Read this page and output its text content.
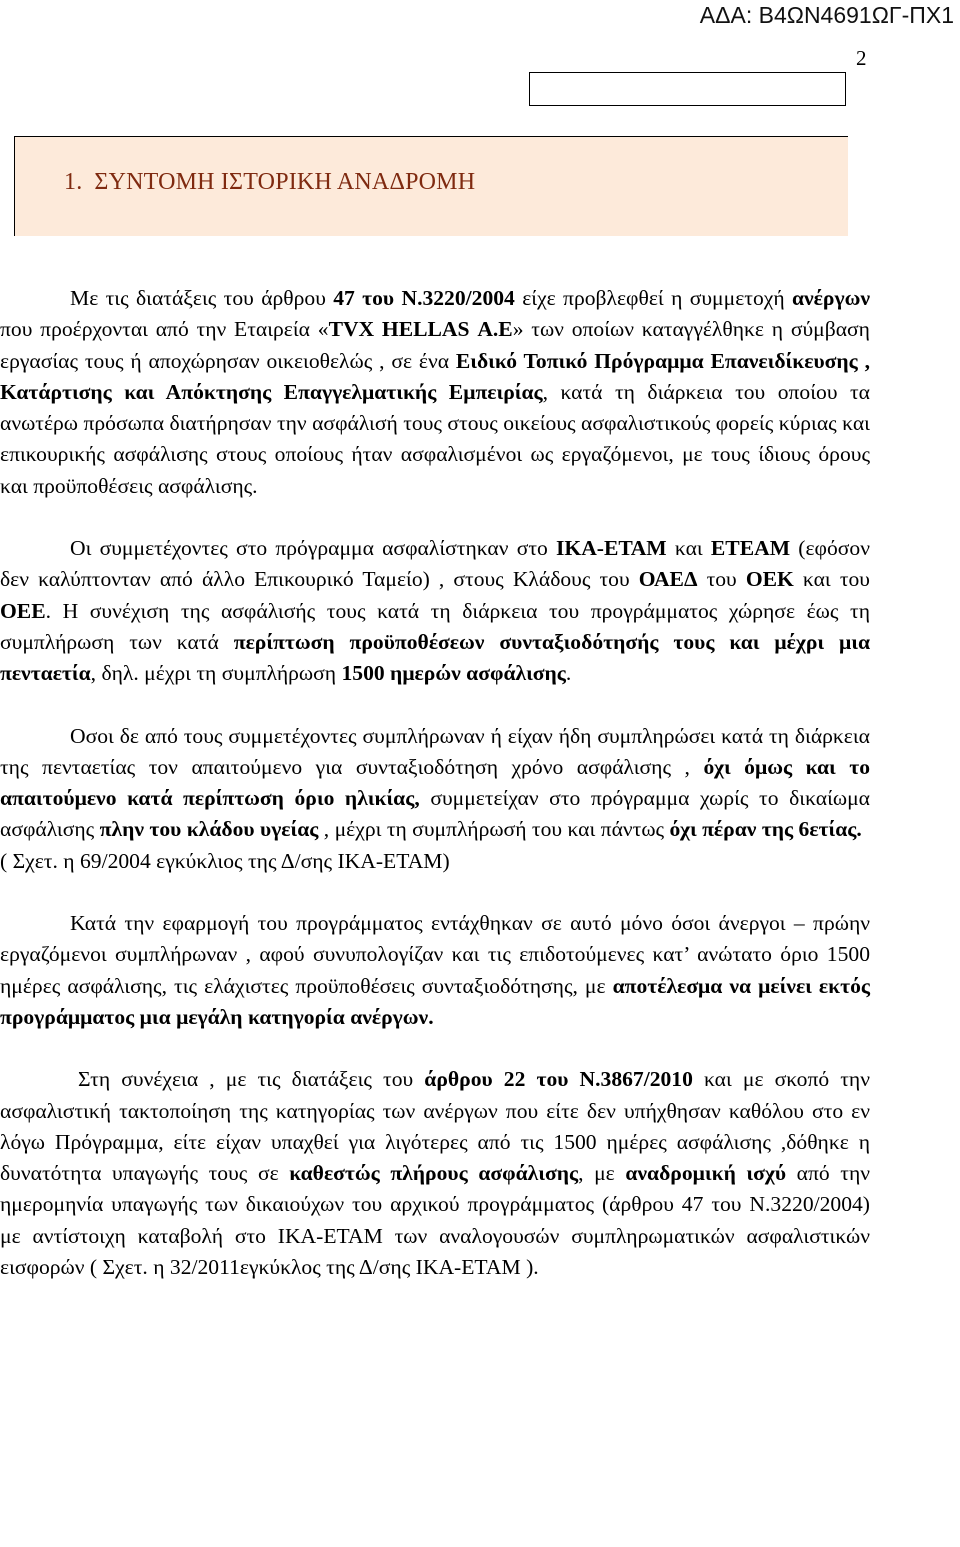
ΑΔΑ: Β4ΩΝ4691ΩΓ-ΠΧ1
2
1. ΣΥΝΤΟΜΗ ΙΣΤΟΡΙΚΗ ΑΝΑΔΡΟΜΗ

Με τις διατάξεις του άρθρου 47 του Ν.3220/2004 είχε προβλεφθεί η συμμετοχή ανέργων που προέρχονται από την Εταιρεία «TVX HELLAS Α.Ε» των οποίων καταγγέλθηκε η σύμβαση εργασίας τους ή αποχώρησαν οικειοθελώς , σε ένα Ειδικό Τοπικό Πρόγραμμα Επανειδίκευσης , Κατάρτισης και Απόκτησης Επαγγελματικής Εμπειρίας, κατά τη διάρκεια του οποίου τα ανωτέρω πρόσωπα διατήρησαν την ασφάλισή τους στους οικείους ασφαλιστικούς φορείς κύριας και επικουρικής ασφάλισης στους οποίους ήταν ασφαλισμένοι ως εργαζόμενοι, με τους ίδιους όρους και προϋποθέσεις ασφάλισης.

Οι συμμετέχοντες στο πρόγραμμα ασφαλίστηκαν στο ΙΚΑ-ΕΤΑΜ και ΕΤΕΑΜ (εφόσον δεν καλύπτονταν από άλλο Επικουρικό Ταμείο) , στους Κλάδους του ΟΑΕΔ του ΟΕΚ και του ΟΕΕ. Η συνέχιση της ασφάλισής τους κατά τη διάρκεια του προγράμματος χώρησε έως τη συμπλήρωση των κατά περίπτωση προϋποθέσεων συνταξιοδότησής τους και μέχρι μια πενταετία, δηλ. μέχρι τη συμπλήρωση 1500 ημερών ασφάλισης.

Οσοι δε από τους συμμετέχοντες συμπλήρωναν ή είχαν ήδη συμπληρώσει κατά τη διάρκεια της πενταετίας τον απαιτούμενο για συνταξιοδότηση χρόνο ασφάλισης , όχι όμως και το απαιτούμενο κατά περίπτωση όριο ηλικίας, συμμετείχαν στο πρόγραμμα χωρίς το δικαίωμα ασφάλισης πλην του κλάδου υγείας , μέχρι τη συμπλήρωσή του και πάντως όχι πέραν της 6ετίας.

( Σχετ. η 69/2004 εγκύκλιος της Δ/σης ΙΚΑ-ΕΤΑΜ)

Κατά την εφαρμογή του προγράμματος εντάχθηκαν σε αυτό μόνο όσοι άνεργοι – πρώην εργαζόμενοι συμπλήρωναν , αφού συνυπολογίζαν και τις επιδοτούμενες κατ’ ανώτατο όριο 1500 ημέρες ασφάλισης, τις ελάχιστες προϋποθέσεις συνταξιοδότησης, με αποτέλεσμα να μείνει εκτός προγράμματος μια μεγάλη κατηγορία ανέργων.

Στη συνέχεια , με τις διατάξεις του άρθρου 22 του Ν.3867/2010 και με σκοπό την ασφαλιστική τακτοποίηση της κατηγορίας των ανέργων που είτε δεν υπήχθησαν καθόλου στο εν λόγω Πρόγραμμα, είτε είχαν υπαχθεί για λιγότερες από τις 1500 ημέρες ασφάλισης ,δόθηκε η δυνατότητα υπαγωγής τους σε καθεστώς πλήρους ασφάλισης, με αναδρομική ισχύ από την ημερομηνία υπαγωγής των δικαιούχων του αρχικού προγράμματος (άρθρου 47 του Ν.3220/2004) με αντίστοιχη καταβολή στο ΙΚΑ-ΕΤΑΜ των αναλογουσών συμπληρωματικών ασφαλιστικών εισφορών ( Σχετ. η 32/2011εγκύκλος της Δ/σης ΙΚΑ-ΕΤΑΜ ).
